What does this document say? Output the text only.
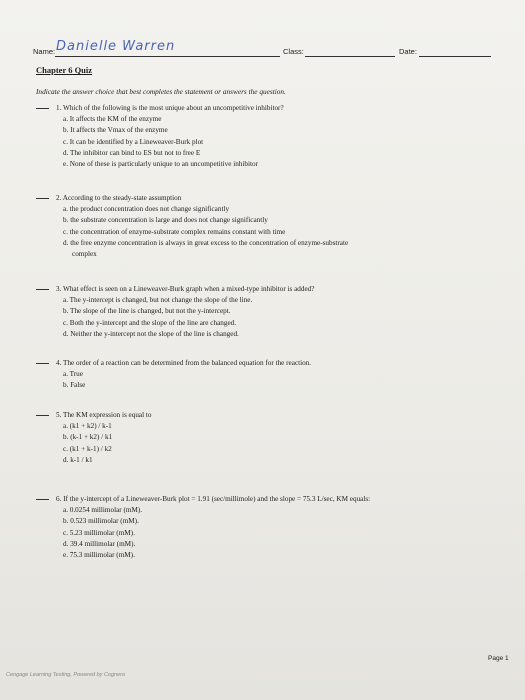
Name: Danielle Warren	Class:	Date:
Chapter 6 Quiz
Indicate the answer choice that best completes the statement or answers the question.
1. Which of the following is the most unique about an uncompetitive inhibitor?
a. It affects the KM of the enzyme
b. It affects the Vmax of the enzyme
c. It can be identified by a Lineweaver-Burk plot
d. The inhibitor can bind to ES but not to free E
e. None of these is particularly unique to an uncompetitive inhibitor
2. According to the steady-state assumption
a. the product concentration does not change significantly
b. the substrate concentration is large and does not change significantly
c. the concentration of enzyme-substrate complex remains constant with time
d. the free enzyme concentration is always in great excess to the concentration of enzyme-substrate
complex
3. What effect is seen on a Lineweaver-Burk graph when a mixed-type inhibitor is added?
a. The y-intercept is changed, but not change the slope of the line.
b. The slope of the line is changed, but not the y-intercept.
c. Both the y-intercept and the slope of the line are changed.
d. Neither the y-intercept not the slope of the line is changed.
4. The order of a reaction can be determined from the balanced equation for the reaction.
a. True
b. False
5. The KM expression is equal to
a. (k1 + k2) / k-1
b. (k-1 + k2) / k1
c. (k1 + k-1) / k2
d. k-1 / k1
6. If the y-intercept of a Lineweaver-Burk plot = 1.91 (sec/millimole) and the slope = 75.3 L/sec, KM equals:
a. 0.0254 millimolar (mM).
b. 0.523 millimolar (mM).
c. 5.23 millimolar (mM).
d. 39.4 millimolar (mM).
e. 75.3 millimolar (mM).
Page 1
Cengage Learning Testing, Powered by Cognero
